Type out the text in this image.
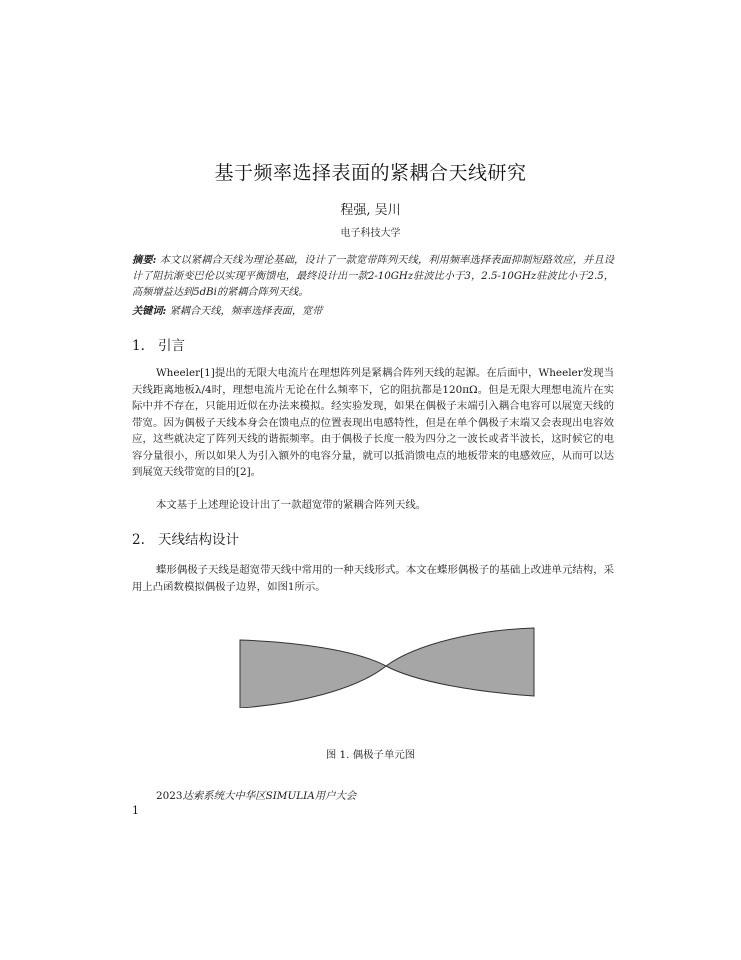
基于频率选择表面的紧耦合天线研究
程强, 吴川
电子科技大学
摘要: 本文以紧耦合天线为理论基础，设计了一款宽带阵列天线，利用频率选择表面抑制短路效应，并且设计了阻抗渐变巴伦以实现平衡馈电，最终设计出一款2-10GHz驻波比小于3，2.5-10GHz驻波比小于2.5，高频增益达到5dBi的紧耦合阵列天线。
关键词: 紧耦合天线，频率选择表面，宽带
1. 引言

Wheeler[1]提出的无限大电流片在理想阵列是紧耦合阵列天线的起源。在后面中，Wheeler发现当天线距离地板λ/4时，理想电流片无论在什么频率下，它的阻抗都是120πΩ。但是无限大理想电流片在实际中并不存在，只能用近似在办法来模拟。经实验发现，如果在偶极子末端引入耦合电容可以展宽天线的带宽。因为偶极子天线本身会在馈电点的位置表现出电感特性，但是在单个偶极子末端又会表现出电容效应，这些就决定了阵列天线的谐振频率。由于偶极子长度一般为四分之一波长或者半波长，这时候它的电容分量很小，所以如果人为引入额外的电容分量，就可以抵消馈电点的地板带来的电感效应，从而可以达到展宽天线带宽的目的[2]。

本文基于上述理论设计出了一款超宽带的紧耦合阵列天线。

2. 天线结构设计

蝶形偶极子天线是超宽带天线中常用的一种天线形式。本文在蝶形偶极子的基础上改进单元结构，采用上凸函数模拟偶极子边界，如图1所示。

图 1. 偶极子单元图
2023达索系统大中华区SIMULIA用户大会
1
